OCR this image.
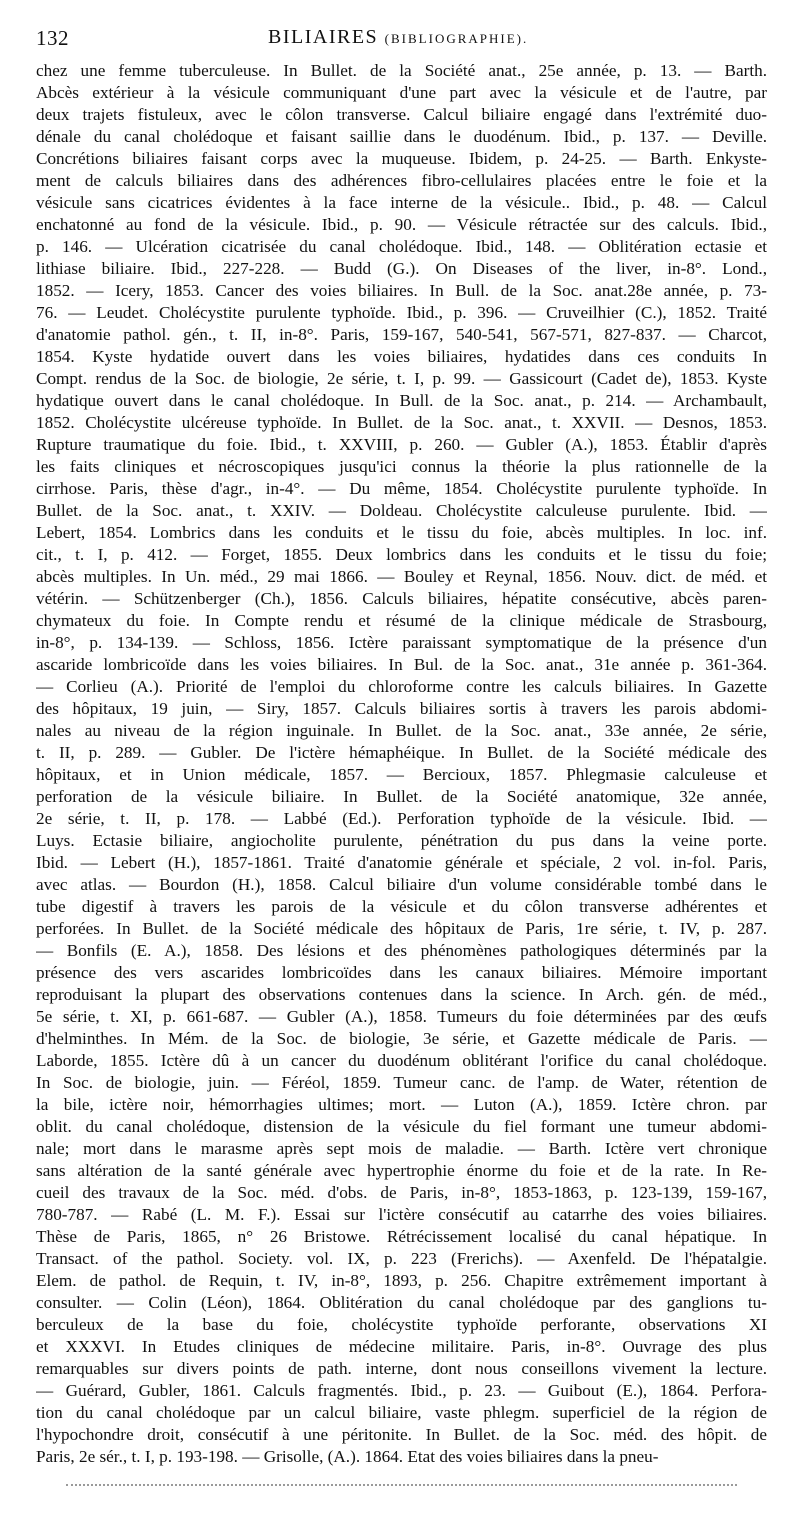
132	BILIAIRES (BIBLIOGRAPHIE).
chez une femme tuberculeuse. In Bullet. de la Société anat., 25e année, p. 13. — Barth.
Abcès extérieur à la vésicule communiquant d'une part avec la vésicule et de l'autre, par
deux trajets fistuleux, avec le côlon transverse. Calcul biliaire engagé dans l'extrémité duo-
dénale du canal cholédoque et faisant saillie dans le duodénum. Ibid., p. 137. — Deville.
Concrétions biliaires faisant corps avec la muqueuse. Ibidem, p. 24-25. — Barth. Enkyste-
ment de calculs biliaires dans des adhérences fibro-cellulaires placées entre le foie et la
vésicule sans cicatrices évidentes à la face interne de la vésicule.. Ibid., p. 48. — Calcul
enchatonné au fond de la vésicule. Ibid., p. 90. — Vésicule rétractée sur des calculs. Ibid.,
p. 146. — Ulcération cicatrisée du canal cholédoque. Ibid., 148. — Oblitération ectasie et
lithiase biliaire. Ibid., 227-228. — Budd (G.). On Diseases of the liver, in-8°. Lond.,
1852. — Icery, 1853. Cancer des voies biliaires. In Bull. de la Soc. anat.28e année, p. 73-
76. — Leudet. Cholécystite purulente typhoïde. Ibid., p. 396. — Cruveilhier (C.), 1852. Traité
d'anatomie pathol. gén., t. II, in-8°. Paris, 159-167, 540-541, 567-571, 827-837. — Charcot,
1854. Kyste hydatide ouvert dans les voies biliaires, hydatides dans ces conduits In
Compt. rendus de la Soc. de biologie, 2e série, t. I, p. 99. — Gassicourt (Cadet de), 1853. Kyste
hydatique ouvert dans le canal cholédoque. In Bull. de la Soc. anat., p. 214. — Archambault,
1852. Cholécystite ulcéreuse typhoïde. In Bullet. de la Soc. anat., t. XXVII. — Desnos, 1853.
Rupture traumatique du foie. Ibid., t. XXVIII, p. 260. — Gubler (A.), 1853. Établir d'après
les faits cliniques et nécroscopiques jusqu'ici connus la théorie la plus rationnelle de la
cirrhose. Paris, thèse d'agr., in-4°. — Du même, 1854. Cholécystite purulente typhoïde. In
Bullet. de la Soc. anat., t. XXIV. — Doldeau. Cholécystite calculeuse purulente. Ibid. —
Lebert, 1854. Lombrics dans les conduits et le tissu du foie, abcès multiples. In loc. inf.
cit., t. I, p. 412. — Forget, 1855. Deux lombrics dans les conduits et le tissu du foie;
abcès multiples. In Un. méd., 29 mai 1866. — Bouley et Reynal, 1856. Nouv. dict. de méd. et
vétérin. — Schützenberger (Ch.), 1856. Calculs biliaires, hépatite consécutive, abcès paren-
chymateux du foie. In Compte rendu et résumé de la clinique médicale de Strasbourg,
in-8°, p. 134-139. — Schloss, 1856. Ictère paraissant symptomatique de la présence d'un
ascaride lombricoïde dans les voies biliaires. In Bul. de la Soc. anat., 31e année p. 361-364.
— Corlieu (A.). Priorité de l'emploi du chloroforme contre les calculs biliaires. In Gazette
des hôpitaux, 19 juin, — Siry, 1857. Calculs biliaires sortis à travers les parois abdomi-
nales au niveau de la région inguinale. In Bullet. de la Soc. anat., 33e année, 2e série,
t. II, p. 289. — Gubler. De l'ictère hémaphéique. In Bullet. de la Société médicale des
hôpitaux, et in Union médicale, 1857. — Bercioux, 1857. Phlegmasie calculeuse et
perforation de la vésicule biliaire. In Bullet. de la Société anatomique, 32e année,
2e série, t. II, p. 178. — Labbé (Ed.). Perforation typhoïde de la vésicule. Ibid. —
Luys. Ectasie biliaire, angiocholite purulente, pénétration du pus dans la veine porte.
Ibid. — Lebert (H.), 1857-1861. Traité d'anatomie générale et spéciale, 2 vol. in-fol. Paris,
avec atlas. — Bourdon (H.), 1858. Calcul biliaire d'un volume considérable tombé dans le
tube digestif à travers les parois de la vésicule et du côlon transverse adhérentes et
perforées. In Bullet. de la Société médicale des hôpitaux de Paris, 1re série, t. IV, p. 287.
— Bonfils (E. A.), 1858. Des lésions et des phénomènes pathologiques déterminés par la
présence des vers ascarides lombricoïdes dans les canaux biliaires. Mémoire important
reproduisant la plupart des observations contenues dans la science. In Arch. gén. de méd.,
5e série, t. XI, p. 661-687. — Gubler (A.), 1858. Tumeurs du foie déterminées par des œufs
d'helminthes. In Mém. de la Soc. de biologie, 3e série, et Gazette médicale de Paris. —
Laborde, 1855. Ictère dû à un cancer du duodénum oblitérant l'orifice du canal cholédoque.
In Soc. de biologie, juin. — Féréol, 1859. Tumeur canc. de l'amp. de Water, rétention de
la bile, ictère noir, hémorrhagies ultimes; mort. — Luton (A.), 1859. Ictère chron. par
oblit. du canal cholédoque, distension de la vésicule du fiel formant une tumeur abdomi-
nale; mort dans le marasme après sept mois de maladie. — Barth. Ictère vert chronique
sans altération de la santé générale avec hypertrophie énorme du foie et de la rate. In Re-
cueil des travaux de la Soc. méd. d'obs. de Paris, in-8°, 1853-1863, p. 123-139, 159-167,
780-787. — Rabé (L. M. F.). Essai sur l'ictère consécutif au catarrhe des voies biliaires.
Thèse de Paris, 1865, n° 26 Bristowe. Rétrécissement localisé du canal hépatique. In
Transact. of the pathol. Society. vol. IX, p. 223 (Frerichs). — Axenfeld. De l'hépatalgie.
Elem. de pathol. de Requin, t. IV, in-8°, 1893, p. 256. Chapitre extrêmement important à
consulter. — Colin (Léon), 1864. Oblitération du canal cholédoque par des ganglions tu-
berculeux de la base du foie, cholécystite typhoïde perforante, observations XI
et XXXVI. In Etudes cliniques de médecine militaire. Paris, in-8°. Ouvrage des plus
remarquables sur divers points de path. interne, dont nous conseillons vivement la lecture.
— Guérard, Gubler, 1861. Calculs fragmentés. Ibid., p. 23. — Guibout (E.), 1864. Perfora-
tion du canal cholédoque par un calcul biliaire, vaste phlegm. superficiel de la région de
l'hypochondre droit, consécutif à une péritonite. In Bullet. de la Soc. méd. des hôpit. de
Paris, 2e sér., t. I, p. 193-198. — Grisolle, (A.). 1864. Etat des voies biliaires dans la pneu-
